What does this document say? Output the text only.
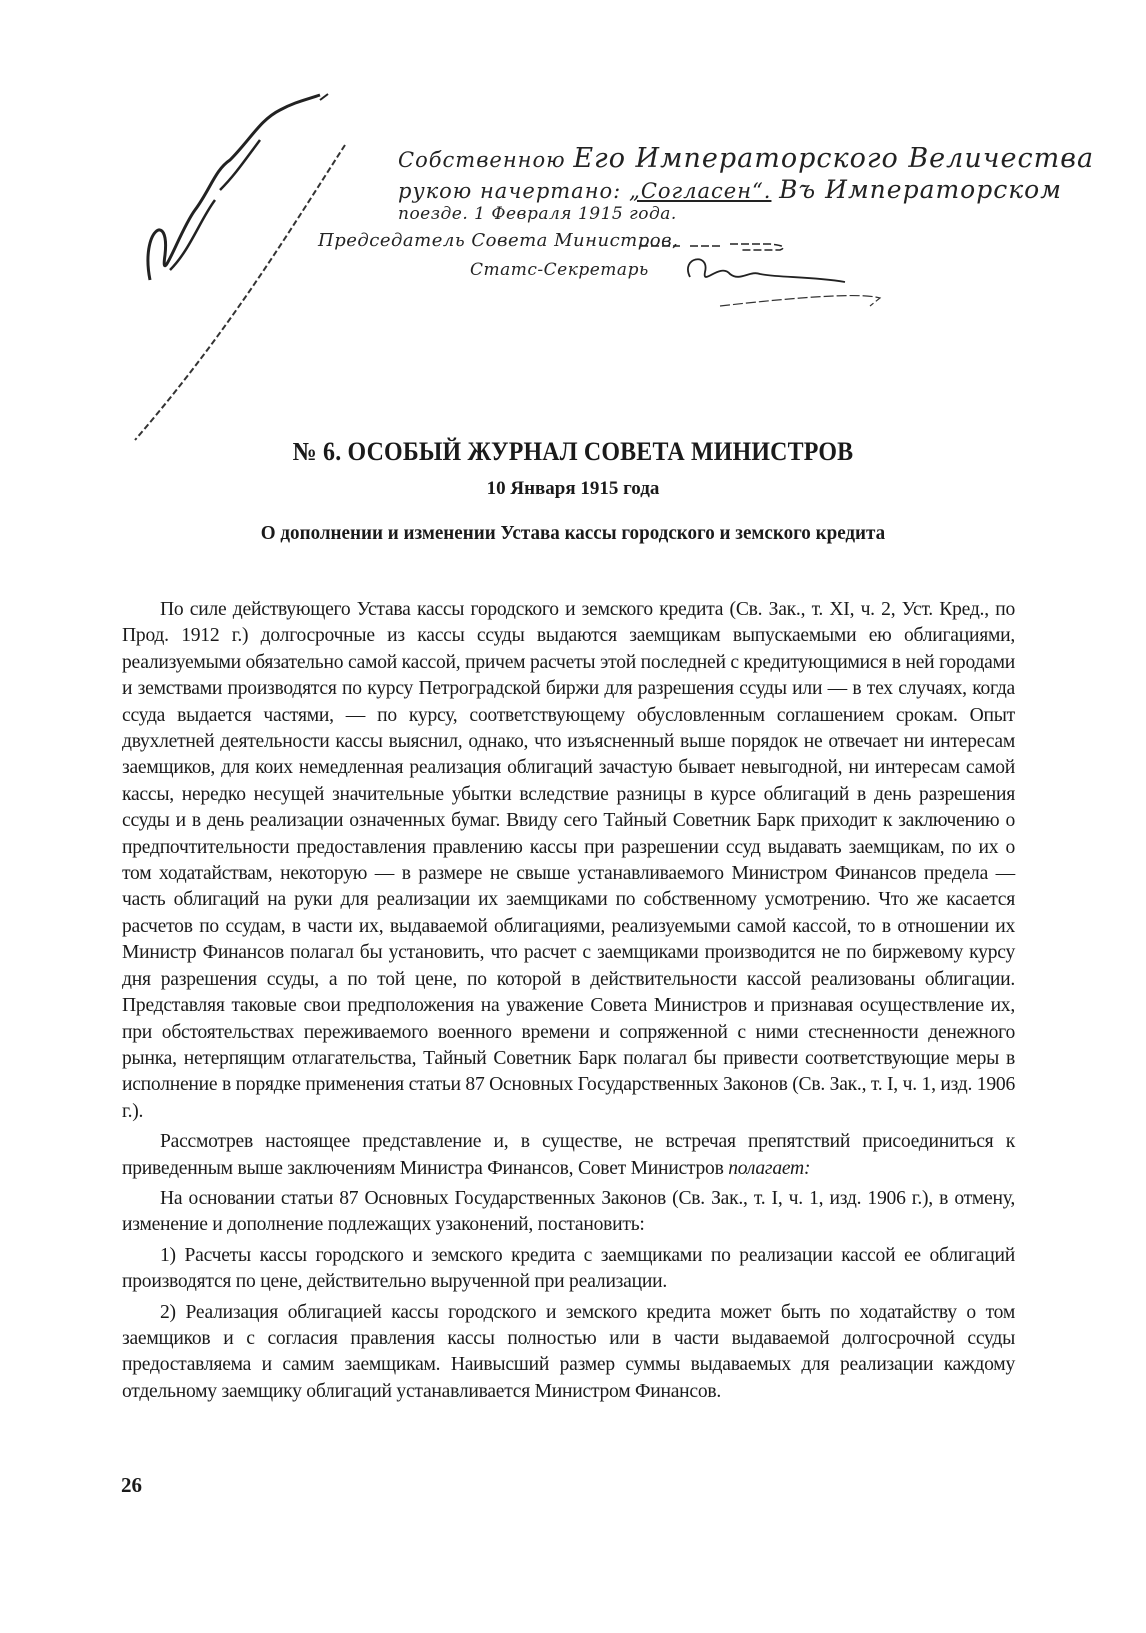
Собственною Его Императорского Величества
рукою начертано: „Согласен“. Въ Императорском
поезде. 1 Февраля 1915 года.
Председатель Совета Министров,
Статс-Секретарь
№ 6. ОСОБЫЙ ЖУРНАЛ СОВЕТА МИНИСТРОВ
10 Января 1915 года
О дополнении и изменении Устава кассы городского и земского кредита

По силе действующего Устава кассы городского и земского кредита (Св. Зак., т. XI, ч. 2, Уст. Кред., по Прод. 1912 г.) долгосрочные из кассы ссуды выдаются заемщикам выпускаемыми ею облигациями, реализуемыми обязательно самой кассой, причем расчеты этой последней с кредитующимися в ней городами и земствами производятся по курсу Петроградской биржи для разрешения ссуды или — в тех случаях, когда ссуда выдается частями, — по курсу, соответствующему обусловленным соглашением срокам. Опыт двухлетней деятельности кассы выяснил, однако, что изъясненный выше порядок не отвечает ни интересам заемщиков, для коих немедленная реализация облигаций зачастую бывает невыгодной, ни интересам самой кассы, нередко несущей значительные убытки вследствие разницы в курсе облигаций в день разрешения ссуды и в день реализации означенных бумаг. Ввиду сего Тайный Советник Барк приходит к заключению о предпочтительности предоставления правлению кассы при разрешении ссуд выдавать заемщикам, по их о том ходатайствам, некоторую — в размере не свыше устанавливаемого Министром Финансов предела — часть облигаций на руки для реализации их заемщиками по собственному усмотрению. Что же касается расчетов по ссудам, в части их, выдаваемой облигациями, реализуемыми самой кассой, то в отношении их Министр Финансов полагал бы установить, что расчет с заемщиками производится не по биржевому курсу дня разрешения ссуды, а по той цене, по которой в действительности кассой реализованы облигации. Представляя таковые свои предположения на уважение Совета Министров и признавая осуществление их, при обстоятельствах переживаемого военного времени и сопряженной с ними стесненности денежного рынка, нетерпящим отлагательства, Тайный Советник Барк полагал бы привести соответствующие меры в исполнение в порядке применения статьи 87 Основных Государственных Законов (Св. Зак., т. I, ч. 1, изд. 1906 г.).

Рассмотрев настоящее представление и, в существе, не встречая препятствий присоединиться к приведенным выше заключениям Министра Финансов, Совет Министров полагает:

На основании статьи 87 Основных Государственных Законов (Св. Зак., т. I, ч. 1, изд. 1906 г.), в отмену, изменение и дополнение подлежащих узаконений, постановить:

1) Расчеты кассы городского и земского кредита с заемщиками по реализации кассой ее облигаций производятся по цене, действительно вырученной при реализации.

2) Реализация облигацией кассы городского и земского кредита может быть по ходатайству о том заемщиков и с согласия правления кассы полностью или в части выдаваемой долгосрочной ссуды предоставляема и самим заемщикам. Наивысший размер суммы выдаваемых для реализации каждому отдельному заемщику облигаций устанавливается Министром Финансов.

26
